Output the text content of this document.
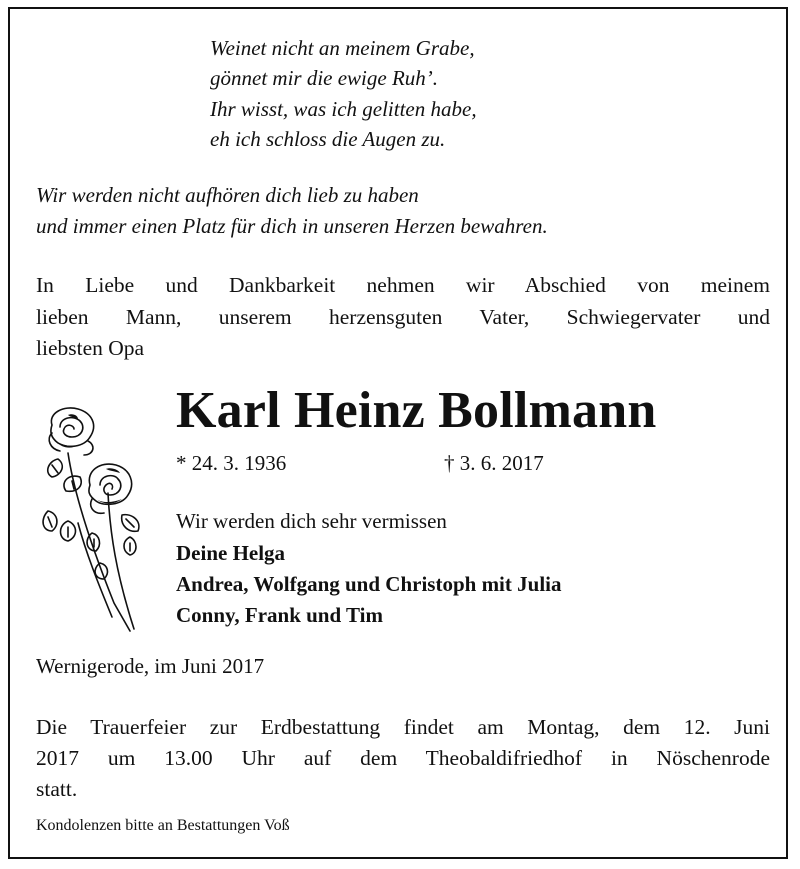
Weinet nicht an meinem Grabe,
gönnet mir die ewige Ruh’.
Ihr wisst, was ich gelitten habe,
eh ich schloss die Augen zu.
Wir werden nicht aufhören dich lieb zu haben
und immer einen Platz für dich in unseren Herzen bewahren.
In Liebe und Dankbarkeit nehmen wir Abschied von meinem
lieben Mann, unserem herzensguten Vater, Schwiegervater und
liebsten Opa
Karl Heinz Bollmann
* 24. 3. 1936	† 3. 6. 2017
Wir werden dich sehr vermissen
Deine Helga
Andrea, Wolfgang und Christoph mit Julia
Conny, Frank und Tim
Wernigerode, im Juni 2017
Die Trauerfeier zur Erdbestattung findet am Montag, dem 12. Juni
2017 um 13.00 Uhr auf dem Theobaldifriedhof in Nöschenrode
statt.
Kondolenzen bitte an Bestattungen Voß
